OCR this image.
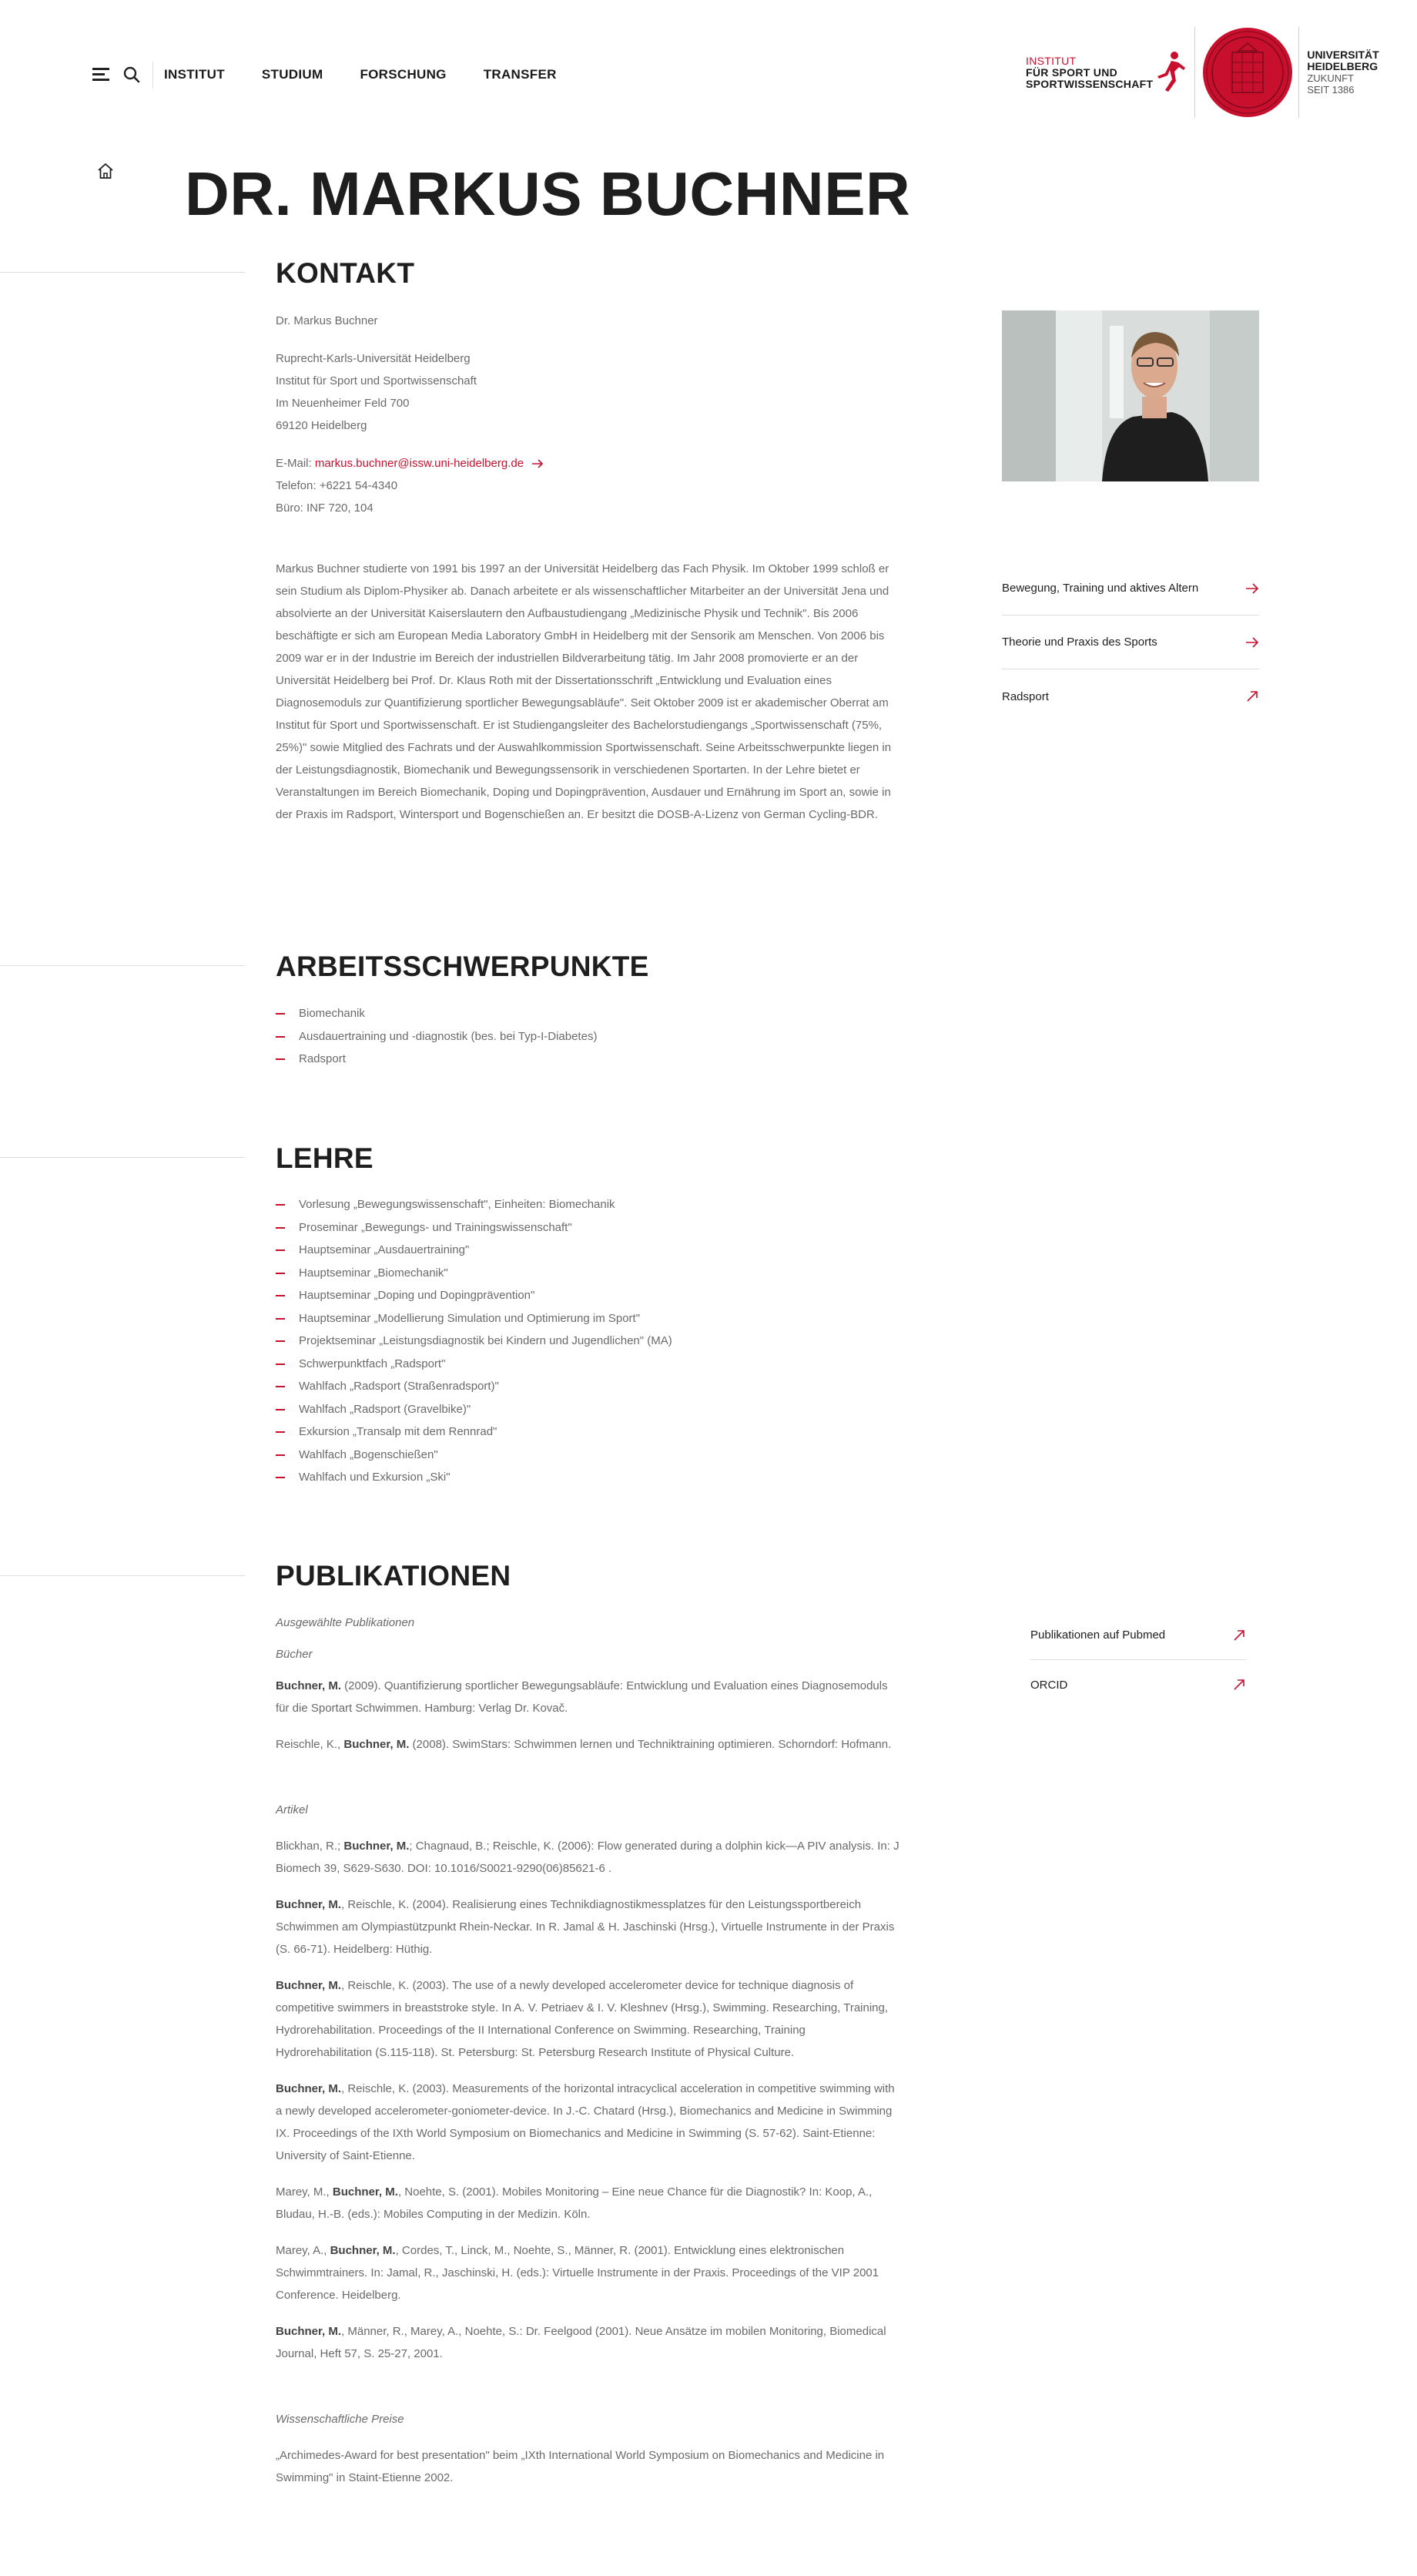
INSTITUT	STUDIUM	FORSCHUNG	TRANSFER
INSTITUT
FÜR SPORT UND
SPORTWISSENSCHAFT
UNIVERSITÄT
HEIDELBERG
ZUKUNFT
SEIT 1386
DR. MARKUS BUCHNER
KONTAKT
Dr. Markus Buchner
Ruprecht-Karls-Universität Heidelberg
Institut für Sport und Sportwissenschaft
Im Neuenheimer Feld 700
69120 Heidelberg
E-Mail: markus.buchner@issw.uni-heidelberg.de
Telefon: +6221 54-4340
Büro: INF 720, 104

Markus Buchner studierte von 1991 bis 1997 an der Universität Heidelberg das Fach Physik. Im Oktober 1999 schloß er sein Studium als Diplom-Physiker ab. Danach arbeitete er als wissenschaftlicher Mitarbeiter an der Universität Jena und absolvierte an der Universität Kaiserslautern den Aufbaustudiengang „Medizinische Physik und Technik". Bis 2006 beschäftigte er sich am European Media Laboratory GmbH in Heidelberg mit der Sensorik am Menschen. Von 2006 bis 2009 war er in der Industrie im Bereich der industriellen Bildverarbeitung tätig. Im Jahr 2008 promovierte er an der Universität Heidelberg bei Prof. Dr. Klaus Roth mit der Dissertationsschrift „Entwicklung und Evaluation eines Diagnosemoduls zur Quantifizierung sportlicher Bewegungsabläufe". Seit Oktober 2009 ist er akademischer Oberrat am Institut für Sport und Sportwissenschaft. Er ist Studiengangsleiter des Bachelorstudiengangs „Sportwissenschaft (75%, 25%)" sowie Mitglied des Fachrats und der Auswahlkommission Sportwissenschaft. Seine Arbeitsschwerpunkte liegen in der Leistungsdiagnostik, Biomechanik und Bewegungssensorik in verschiedenen Sportarten. In der Lehre bietet er Veranstaltungen im Bereich Biomechanik, Doping und Dopingprävention, Ausdauer und Ernährung im Sport an, sowie in der Praxis im Radsport, Wintersport und Bogenschießen an. Er besitzt die DOSB-A-Lizenz von German Cycling-BDR.

Bewegung, Training und aktives Altern
Theorie und Praxis des Sports
Radsport
ARBEITSSCHWERPUNKTE
Biomechanik
Ausdauertraining und -diagnostik (bes. bei Typ-I-Diabetes)
Radsport
LEHRE
Vorlesung „Bewegungswissenschaft", Einheiten: Biomechanik
Proseminar „Bewegungs- und Trainingswissenschaft"
Hauptseminar „Ausdauertraining"
Hauptseminar „Biomechanik"
Hauptseminar „Doping und Dopingprävention"
Hauptseminar „Modellierung Simulation und Optimierung im Sport"
Projektseminar „Leistungsdiagnostik bei Kindern und Jugendlichen" (MA)
Schwerpunktfach „Radsport"
Wahlfach „Radsport (Straßenradsport)"
Wahlfach „Radsport (Gravelbike)"
Exkursion „Transalp mit dem Rennrad"
Wahlfach „Bogenschießen"
Wahlfach und Exkursion „Ski"
PUBLIKATIONEN
Ausgewählte Publikationen
Bücher

Buchner, M. (2009). Quantifizierung sportlicher Bewegungsabläufe: Entwicklung und Evaluation eines Diagnosemoduls für die Sportart Schwimmen. Hamburg: Verlag Dr. Kovač.

Reischle, K., Buchner, M. (2008). SwimStars: Schwimmen lernen und Techniktraining optimieren. Schorndorf: Hofmann.

Artikel

Blickhan, R.; Buchner, M.; Chagnaud, B.; Reischle, K. (2006): Flow generated during a dolphin kick—A PIV analysis. In: J Biomech 39, S629-S630. DOI: 10.1016/S0021-9290(06)85621-6 .

Buchner, M., Reischle, K. (2004). Realisierung eines Technikdiagnostikmessplatzes für den Leistungssportbereich Schwimmen am Olympiastützpunkt Rhein-Neckar. In R. Jamal & H. Jaschinski (Hrsg.), Virtuelle Instrumente in der Praxis (S. 66-71). Heidelberg: Hüthig.

Buchner, M., Reischle, K. (2003). The use of a newly developed accelerometer device for technique diagnosis of competitive swimmers in breaststroke style. In A. V. Petriaev & I. V. Kleshnev (Hrsg.), Swimming. Researching, Training, Hydrorehabilitation. Proceedings of the II International Conference on Swimming. Researching, Training Hydrorehabilitation (S.115-118). St. Petersburg: St. Petersburg Research Institute of Physical Culture.

Buchner, M., Reischle, K. (2003). Measurements of the horizontal intracyclical acceleration in competitive swimming with a newly developed accelerometer-goniometer-device. In J.-C. Chatard (Hrsg.), Biomechanics and Medicine in Swimming IX. Proceedings of the IXth World Symposium on Biomechanics and Medicine in Swimming (S. 57-62). Saint-Etienne: University of Saint-Etienne.

Marey, M., Buchner, M., Noehte, S. (2001). Mobiles Monitoring – Eine neue Chance für die Diagnostik? In: Koop, A., Bludau, H.-B. (eds.): Mobiles Computing in der Medizin. Köln.

Marey, A., Buchner, M., Cordes, T., Linck, M., Noehte, S., Männer, R. (2001). Entwicklung eines elektronischen Schwimmtrainers. In: Jamal, R., Jaschinski, H. (eds.): Virtuelle Instrumente in der Praxis. Proceedings of the VIP 2001 Conference. Heidelberg.

Buchner, M., Männer, R., Marey, A., Noehte, S.: Dr. Feelgood (2001). Neue Ansätze im mobilen Monitoring, Biomedical Journal, Heft 57, S. 25-27, 2001.

Wissenschaftliche Preise

„Archimedes-Award for best presentation" beim „IXth International World Symposium on Biomechanics and Medicine in Swimming" in Staint-Etienne 2002.

Publikationen auf Pubmed
ORCID
